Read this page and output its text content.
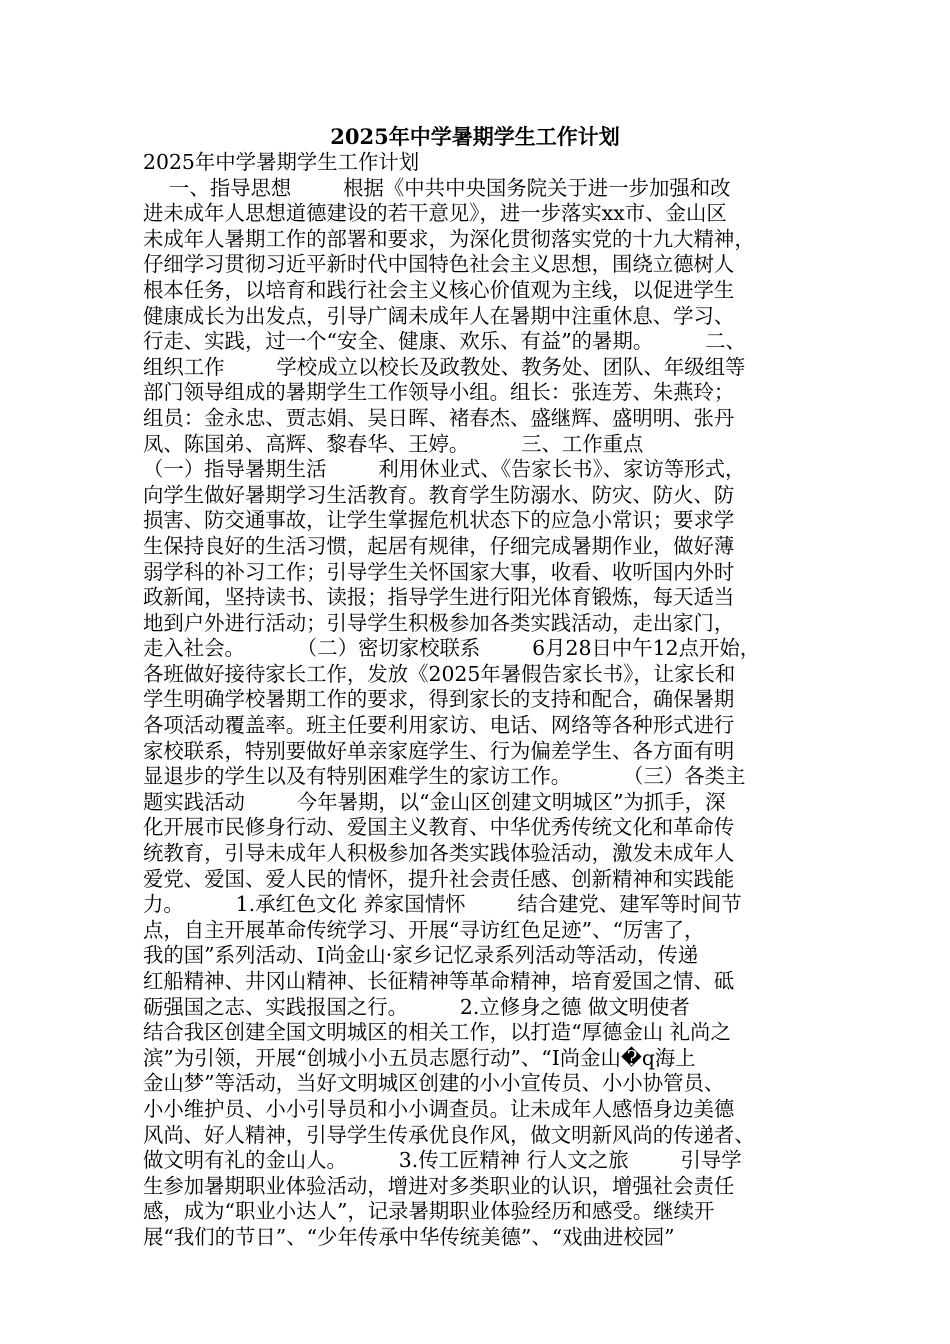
2025年中学暑期学生工作计划
2025年中学暑期学生工作计划
一、指导思想        根据《中共中央国务院关于进一步加强和改
进未成年人思想道德建设的若干意见》，进一步落实xx市、金山区
未成年人暑期工作的部署和要求，为深化贯彻落实党的十九大精神，
仔细学习贯彻习近平新时代中国特色社会主义思想，围绕立德树人
根本任务，以培育和践行社会主义核心价值观为主线，以促进学生
健康成长为出发点，引导广阔未成年人在暑期中注重休息、学习、
行走、实践，过一个“安全、健康、欢乐、有益”的暑期。        二、
组织工作        学校成立以校长及政教处、教务处、团队、年级组等
部门领导组成的暑期学生工作领导小组。组长：张连芳、朱燕玲；
组员：金永忠、贾志娟、吴日晖、褚春杰、盛继辉、盛明明、张丹
凤、陈国弟、高辉、黎春华、王婷。        三、工作重点
（一）指导暑期生活        利用休业式、《告家长书》、家访等形式，
向学生做好暑期学习生活教育。教育学生防溺水、防灾、防火、防
损害、防交通事故，让学生掌握危机状态下的应急小常识；要求学
生保持良好的生活习惯，起居有规律，仔细完成暑期作业，做好薄
弱学科的补习工作；引导学生关怀国家大事，收看、收听国内外时
政新闻，坚持读书、读报；指导学生进行阳光体育锻炼，每天适当
地到户外进行活动；引导学生积极参加各类实践活动，走出家门，
走入社会。        （二）密切家校联系        6月28日中午12点开始，
各班做好接待家长工作，发放《2025年暑假告家长书》，让家长和
学生明确学校暑期工作的要求，得到家长的支持和配合，确保暑期
各项活动覆盖率。班主任要利用家访、电话、网络等各种形式进行
家校联系，特别要做好单亲家庭学生、行为偏差学生、各方面有明
显退步的学生以及有特别困难学生的家访工作。        （三）各类主
题实践活动        今年暑期，以“金山区创建文明城区”为抓手，深
化开展市民修身行动、爱国主义教育、中华优秀传统文化和革命传
统教育，引导未成年人积极参加各类实践体验活动，激发未成年人
爱党、爱国、爱人民的情怀，提升社会责任感、创新精神和实践能
力。        1.承红色文化 养家国情怀        结合建党、建军等时间节
点，自主开展革命传统学习、开展“寻访红色足迹”、“厉害了，
我的国”系列活动、I尚金山·家乡记忆录系列活动等活动，传递
红船精神、井冈山精神、长征精神等革命精神，培育爱国之情、砥
砺强国之志、实践报国之行。        2.立修身之德 做文明使者
结合我区创建全国文明城区的相关工作，以打造“厚德金山 礼尚之
滨”为引领，开展“创城小小五员志愿行动”、“I尚金山�q海上
金山梦”等活动，当好文明城区创建的小小宣传员、小小协管员、
小小维护员、小小引导员和小小调查员。让未成年人感悟身边美德
风尚、好人精神，引导学生传承优良作风，做文明新风尚的传递者、
做文明有礼的金山人。        3.传工匠精神 行人文之旅        引导学
生参加暑期职业体验活动，增进对多类职业的认识，增强社会责任
感，成为“职业小达人”，记录暑期职业体验经历和感受。继续开
展“我们的节日”、“少年传承中华传统美德”、“戏曲进校园”
